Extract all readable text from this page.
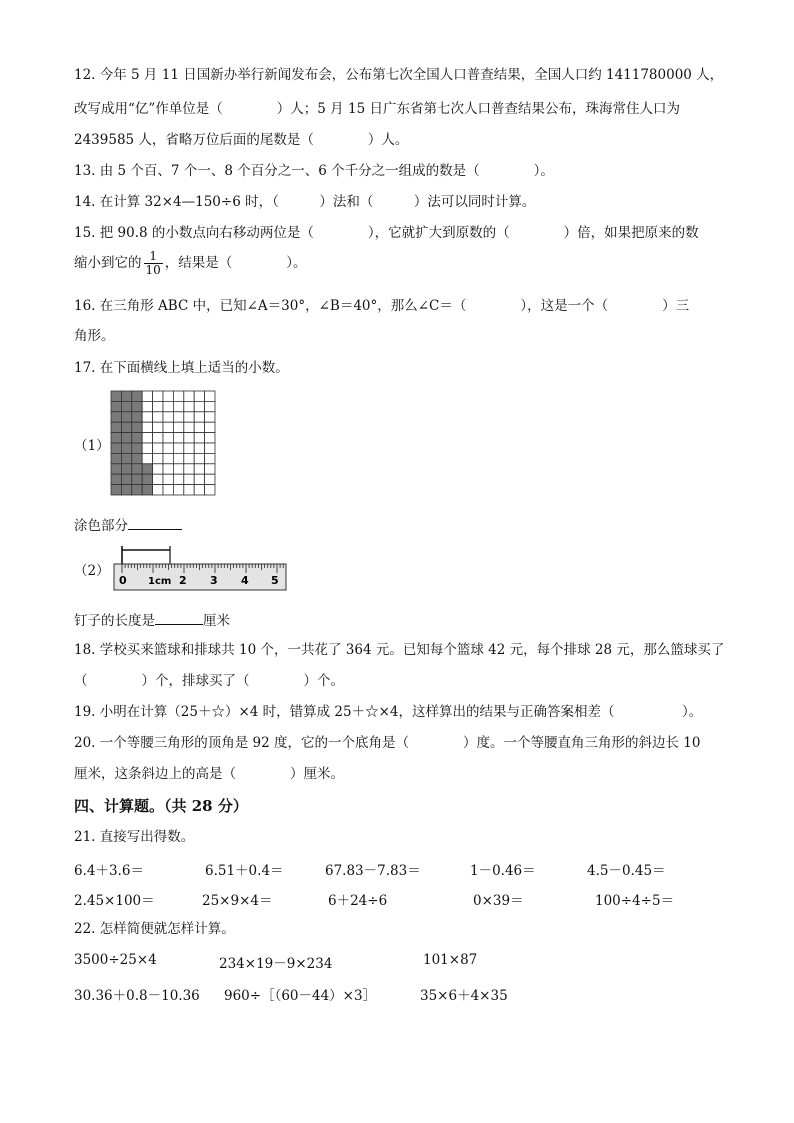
12. 今年 5 月 11 日国新办举行新闻发布会，公布第七次全国人口普查结果，全国人口约 1411780000 人，
改写成用“亿”作单位是（　　　　）人；5 月 15 日广东省第七次人口普查结果公布，珠海常住人口为
2439585 人，省略万位后面的尾数是（　　　　）人。
13. 由 5 个百、7 个一、8 个百分之一、6 个千分之一组成的数是（　　　　）。
14. 在计算 32×4—150÷6 时，（　　　）法和（　　　）法可以同时计算。
15. 把 90.8 的小数点向右移动两位是（　　　　），它就扩大到原数的（　　　　）倍，如果把原来的数
缩小到它的 $\frac{1}{10}$ ，结果是（　　　　）。
16. 在三角形 ABC 中，已知∠A＝30°，∠B＝40°，那么∠C＝（　　　　），这是一个（　　　　）三
角形。
17. 在下面横线上填上适当的小数。
（1）
涂色部分
（2）
0 1cm 2 3 4 5
钉子的长度是	厘米
18. 学校买来篮球和排球共 10 个，一共花了 364 元。已知每个篮球 42 元，每个排球 28 元，那么篮球买了
（　　　　）个，排球买了（　　　　）个。
19. 小明在计算（25＋☆）×4 时，错算成 25＋☆×4，这样算出的结果与正确答案相差（　　　　　）。
20. 一个等腰三角形的顶角是 92 度，它的一个底角是（　　　　）度。一个等腰直角三角形的斜边长 10
厘米，这条斜边上的高是（　　　　）厘米。
四、计算题。（共 28 分）
21. 直接写出得数。
6.4＋3.6＝	6.51＋0.4＝	67.83－7.83＝	1－0.46＝	4.5－0.45＝
2.45×100＝	25×9×4＝	6＋24÷6	0×39＝	100÷4÷5＝
22. 怎样简便就怎样计算。
3500÷25×4	234×19－9×234	101×87
30.36＋0.8－10.36 960÷［（60－44）×3］	35×6＋4×35
